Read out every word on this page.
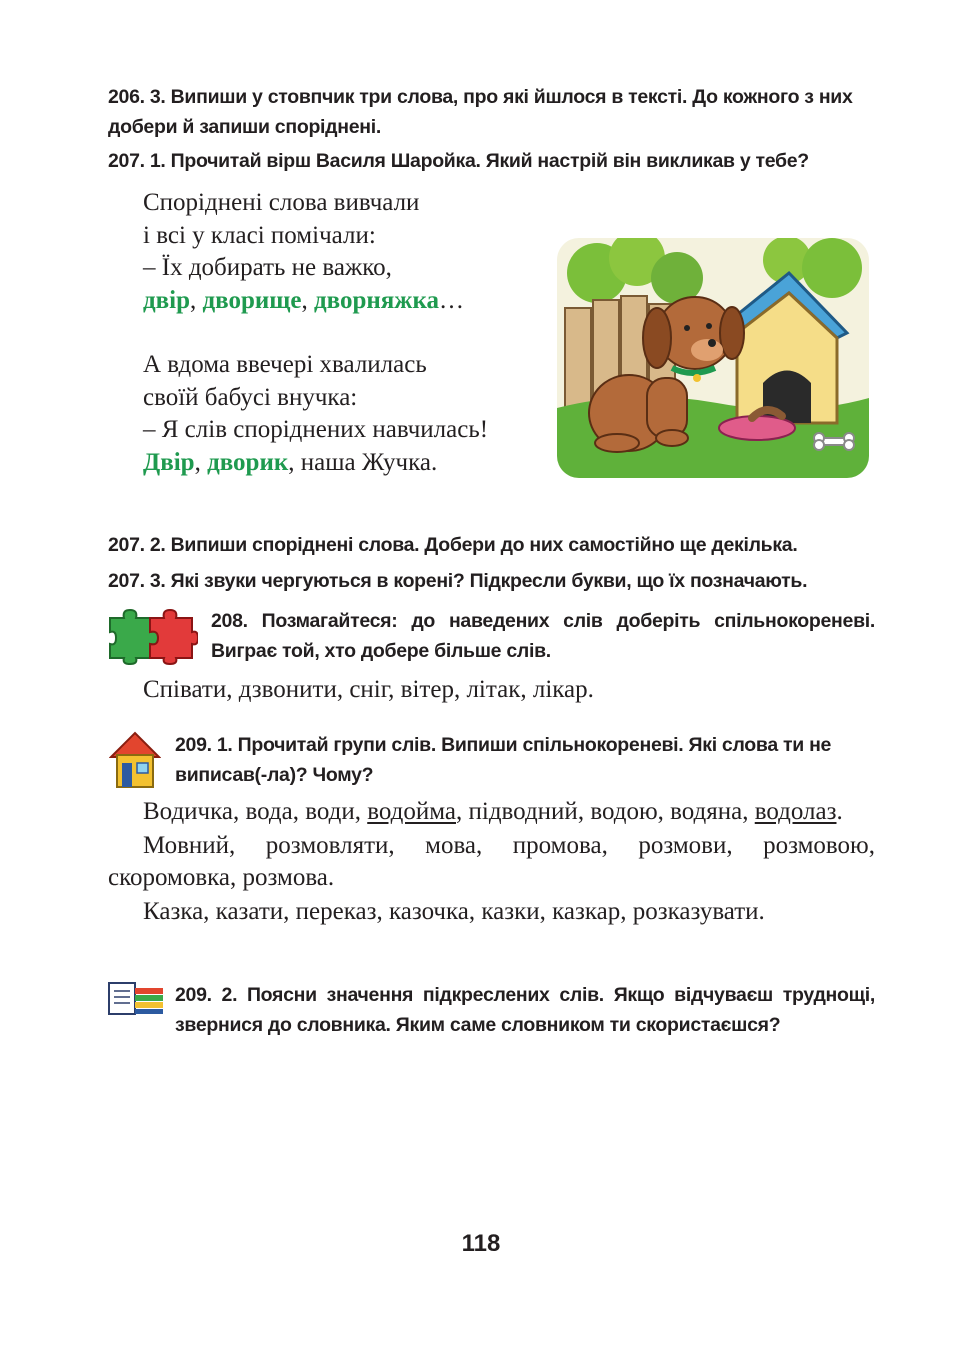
206. 3. Випиши у стовпчик три слова, про які йшлося в тексті. До кожного з них добери й запиши споріднені.
207. 1. Прочитай вірш Василя Шаройка. Який настрій він викликав у тебе?
Споріднені слова вивчали
і всі у класі помічали:
– Їх добирать не важко,
двір, дворище, дворняжка…
А вдома ввечері хвалилась
своїй бабусі внучка:
– Я слів споріднених навчилась!
Двір, дворик, наша Жучка.
207. 2. Випиши споріднені слова. Добери до них самостійно ще декілька.
207. 3. Які звуки чергуються в корені? Підкресли букви, що їх позначають.
208. Позмагайтеся: до наведених слів доберіть спільнокореневі. Виграє той, хто добере більше слів.
Співати, дзвонити, сніг, вітер, літак, лікар.
209. 1. Прочитай групи слів. Випиши спільнокореневі. Які слова ти не виписав(-ла)? Чому?
Водичка, вода, води, водойма, підводний, водою, водяна, водолаз.
Мовний, розмовляти, мова, промова, розмови, розмовою, скоромовка, розмова.
Казка, казати, переказ, казочка, казки, казкар, розказувати.
209. 2. Поясни значення підкреслених слів. Якщо відчуваєш труднощі, звернися до словника. Яким саме словником ти скористаєшся?
118
